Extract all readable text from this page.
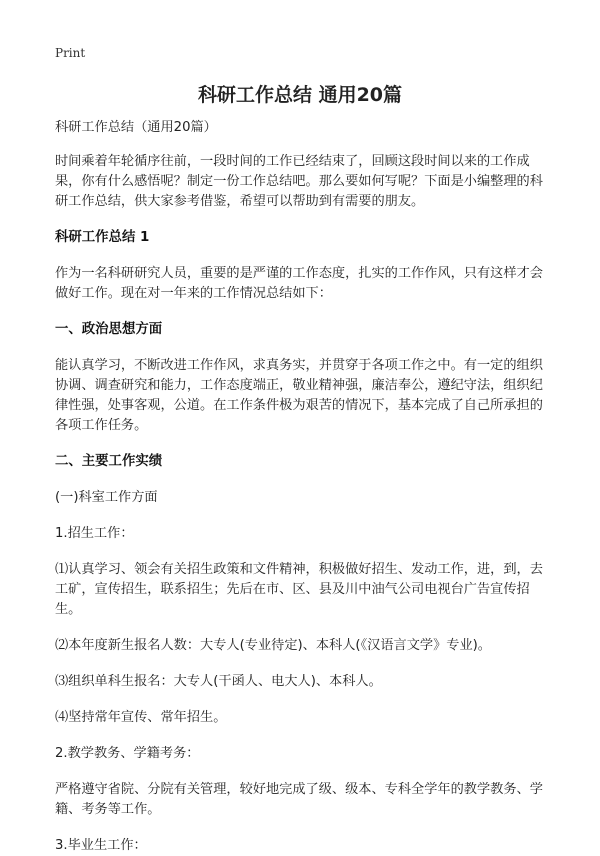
Print
科研工作总结 通用20篇

科研工作总结（通用20篇）

时间乘着年轮循序往前，一段时间的工作已经结束了，回顾这段时间以来的工作成果，你有什么感悟呢？制定一份工作总结吧。那么要如何写呢？下面是小编整理的科研工作总结，供大家参考借鉴，希望可以帮助到有需要的朋友。

科研工作总结 1

作为一名科研研究人员，重要的是严谨的工作态度，扎实的工作作风，只有这样才会做好工作。现在对一年来的工作情况总结如下：

一、政治思想方面

能认真学习，不断改进工作作风，求真务实，并贯穿于各项工作之中。有一定的组织协调、调查研究和能力，工作态度端正，敬业精神强，廉洁奉公，遵纪守法，组织纪律性强，处事客观，公道。在工作条件极为艰苦的情况下，基本完成了自己所承担的各项工作任务。

二、主要工作实绩

(一)科室工作方面

1.招生工作：

⑴认真学习、领会有关招生政策和文件精神，积极做好招生、发动工作，进，到，去工矿，宣传招生，联系招生；先后在市、区、县及川中油气公司电视台广告宣传招生。

⑵本年度新生报名人数：大专人(专业待定)、本科人(《汉语言文学》专业)。

⑶组织单科生报名：大专人(干函人、电大人)、本科人。

⑷坚持常年宣传、常年招生。

2.教学教务、学籍考务：

严格遵守省院、分院有关管理，较好地完成了级、级本、专科全学年的教学教务、学籍、考务等工作。

3.毕业生工作：
